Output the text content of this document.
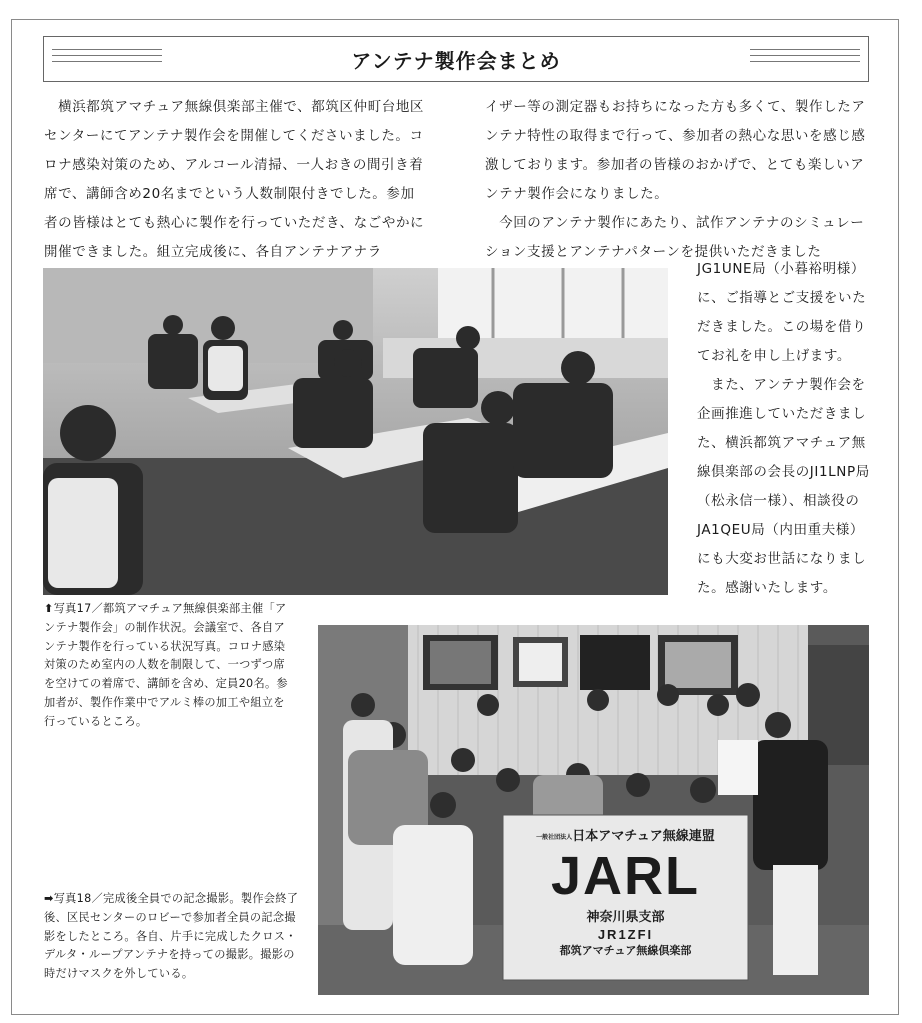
アンテナ製作会まとめ
　横浜都筑アマチュア無線倶楽部主催で、都筑区仲町台地区センターにてアンテナ製作会を開催してくださいました。コロナ感染対策のため、アルコール清掃、一人おきの間引き着席で、講師含め20名までという人数制限付きでした。参加者の皆様はとても熱心に製作を行っていただき、なごやかに開催できました。組立完成後に、各自アンテナアナラ
イザー等の測定器もお持ちになった方も多くて、製作したアンテナ特性の取得まで行って、参加者の熱心な思いを感じ感激しております。参加者の皆様のおかげで、とても楽しいアンテナ製作会になりました。
　今回のアンテナ製作にあたり、試作アンテナのシミュレーション支援とアンテナパターンを提供いただきました
JG1UNE局（小暮裕明様）に、ご指導とご支援をいただきました。この場を借りてお礼を申し上げます。
　また、アンテナ製作会を企画推進していただきました、横浜都筑アマチュア無線倶楽部の会長のJI1LNP局（松永信一様）、相談役のJA1QEU局（内田重夫様）にも大変お世話になりました。感謝いたします。
⬆写真17／都筑アマチュア無線倶楽部主催「アンテナ製作会」の制作状況。会議室で、各自アンテナ製作を行っている状況写真。コロナ感染対策のため室内の人数を制限して、一つずつ席を空けての着席で、講師を含め、定員20名。参加者が、製作作業中でアルミ棒の加工や組立を行っているところ。
一般社団法人日本アマチュア無線連盟
JARL
神奈川県支部
JR1ZFI
都筑アマチュア無線倶楽部
➡写真18／完成後全員での記念撮影。製作会終了後、区民センターのロビーで参加者全員の記念撮影をしたところ。各自、片手に完成したクロス・デルタ・ループアンテナを持っての撮影。撮影の時だけマスクを外している。
